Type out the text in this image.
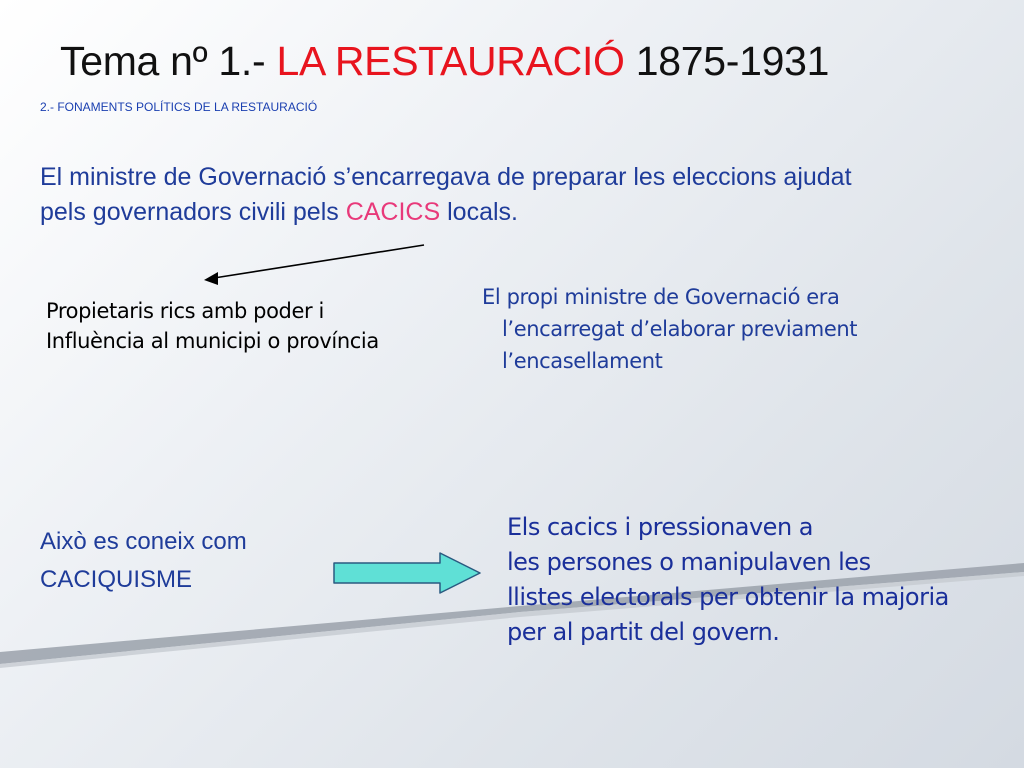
Tema nº 1.- LA RESTAURACIÓ 1875-1931
2.- FONAMENTS POLÍTICS DE LA RESTAURACIÓ
El ministre de Governació s’encarregava de preparar les eleccions ajudat
pels governadors civili pels CACICS locals.
Propietaris rics amb poder i
Influència al municipi o província
El propi ministre de Governació era
l’encarregat d’elaborar previament
l’encasellament
Això es coneix com
CACIQUISME
Els cacics i pressionaven a
les persones o manipulaven les
llistes electorals per obtenir la majoria
per al partit del govern.
